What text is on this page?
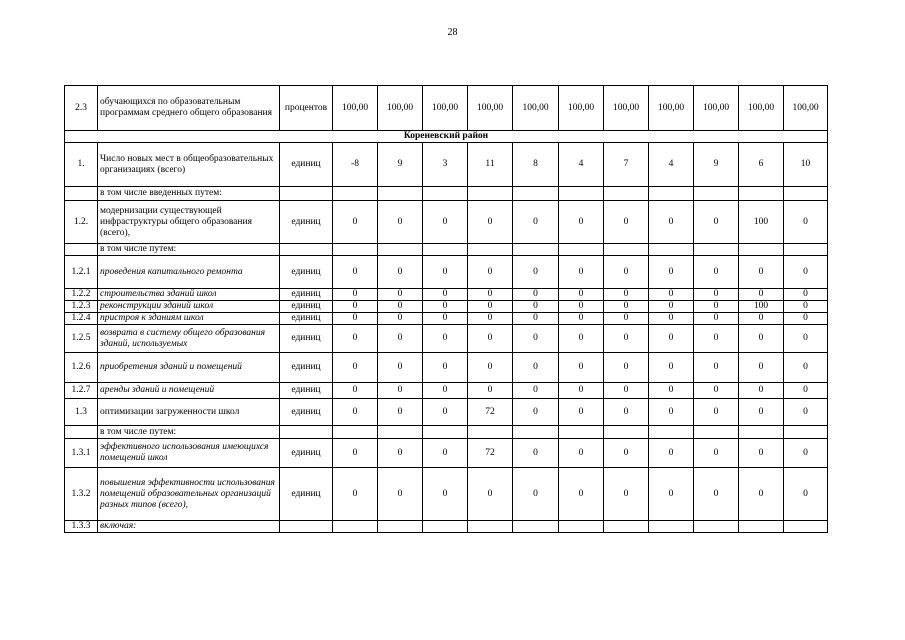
28
2.3	обучающихся по образовательным программам среднего общего образования	процентов	100,00	100,00	100,00	100,00	100,00	100,00	100,00	100,00	100,00	100,00	100,00
Кореневский район													
1.	Число новых мест в общеобразовательных организациях (всего)	единиц	-8	9	3	11	8	4	7	4	9	6	10
	в том числе введенных путем:												
1.2.	модернизации существующей инфраструктуры общего образования (всего),	единиц	0	0	0	0	0	0	0	0	0	100	0
	в том числе путем:												
1.2.1	проведения капитального ремонта	единиц	0	0	0	0	0	0	0	0	0	0	0
1.2.2	строительства зданий школ	единиц	0	0	0	0	0	0	0	0	0	0	0
1.2.3	реконструкции зданий школ	единиц	0	0	0	0	0	0	0	0	0	100	0
1.2.4	пристроя к зданиям школ	единиц	0	0	0	0	0	0	0	0	0	0	0
1.2.5	возврата в систему общего образования зданий, используемых	единиц	0	0	0	0	0	0	0	0	0	0	0
1.2.6	приобретения зданий и помещений	единиц	0	0	0	0	0	0	0	0	0	0	0
1.2.7	аренды зданий и помещений	единиц	0	0	0	0	0	0	0	0	0	0	0
1.3	оптимизации загруженности школ	единиц	0	0	0	72	0	0	0	0	0	0	0
	в том числе путем:												
1.3.1	эффективного использования имеющихся помещений школ	единиц	0	0	0	72	0	0	0	0	0	0	0
1.3.2	повышения эффективности использования помещений образовательных организаций разных типов (всего),	единиц	0	0	0	0	0	0	0	0	0	0	0
1.3.3	включая:												
